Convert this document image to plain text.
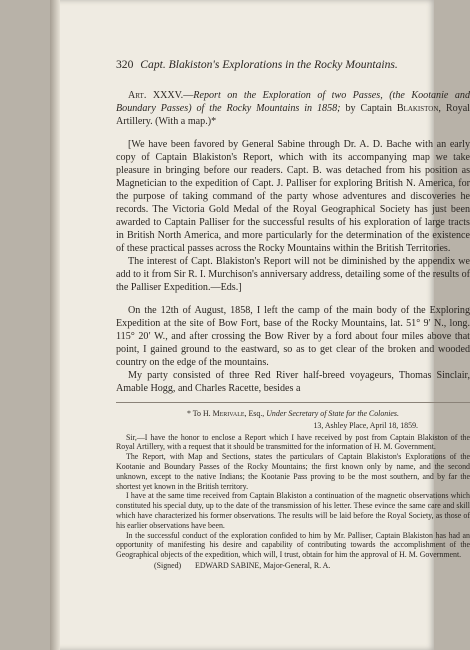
320 Capt. Blakiston's Explorations in the Rocky Mountains.

Art. XXXV.—Report on the Exploration of two Passes, (the Kootanie and Boundary Passes) of the Rocky Mountains in 1858; by Captain Blakiston, Royal Artillery. (With a map.)*

[We have been favored by General Sabine through Dr. A. D. Bache with an early copy of Captain Blakiston's Report, which with its accompanying map we take pleasure in bringing before our readers. Capt. B. was detached from his position as Magnetician to the expedition of Capt. J. Palliser for exploring British N. America, for the purpose of taking command of the party whose adventures and discoveries he records. The Victoria Gold Medal of the Royal Geographical Society has just been awarded to Captain Palliser for the successful results of his exploration of large tracts in British North America, and more particularly for the determination of the existence of these practical passes across the Rocky Mountains within the British Territories.

The interest of Capt. Blakiston's Report will not be diminished by the appendix we add to it from Sir R. I. Murchison's anniversary address, detailing some of the results of the Palliser Expedition.—Eds.]

On the 12th of August, 1858, I left the camp of the main body of the Exploring Expedition at the site of Bow Fort, base of the Rocky Mountains, lat. 51° 9′ N., long. 115° 20′ W., and after crossing the Bow River by a ford about four miles above that point, I gained ground to the eastward, so as to get clear of the broken and wooded country on the edge of the mountains.

My party consisted of three Red River half-breed voyageurs, Thomas Sinclair, Amable Hogg, and Charles Racette, besides a

* To H. Merivale, Esq., Under Secretary of State for the Colonies.

13, Ashley Place, April 18, 1859.

Sir,—I have the honor to enclose a Report which I have received by post from Captain Blakiston of the Royal Artillery, with a request that it should be transmitted for the information of H. M. Government.

The Report, with Map and Sections, states the particulars of Captain Blakiston's Explorations of the Kootanie and Boundary Passes of the Rocky Mountains; the first known only by name, and the second unknown, except to the native Indians; the Kootanie Pass proving to be the most southern, and by far the shortest yet known in the British territory.

I have at the same time received from Captain Blakiston a continuation of the magnetic observations which constituted his special duty, up to the date of the transmission of his letter. These evince the same care and skill which have characterized his former observations. The results will be laid before the Royal Society, as those of his earlier observations have been.

In the successful conduct of the exploration confided to him by Mr. Palliser, Captain Blakiston has had an opportunity of manifesting his desire and capability of contributing towards the accomplishment of the Geographical objects of the expedition, which will, I trust, obtain for him the approval of H. M. Government.

(Signed) EDWARD SABINE, Major-General, R. A.
